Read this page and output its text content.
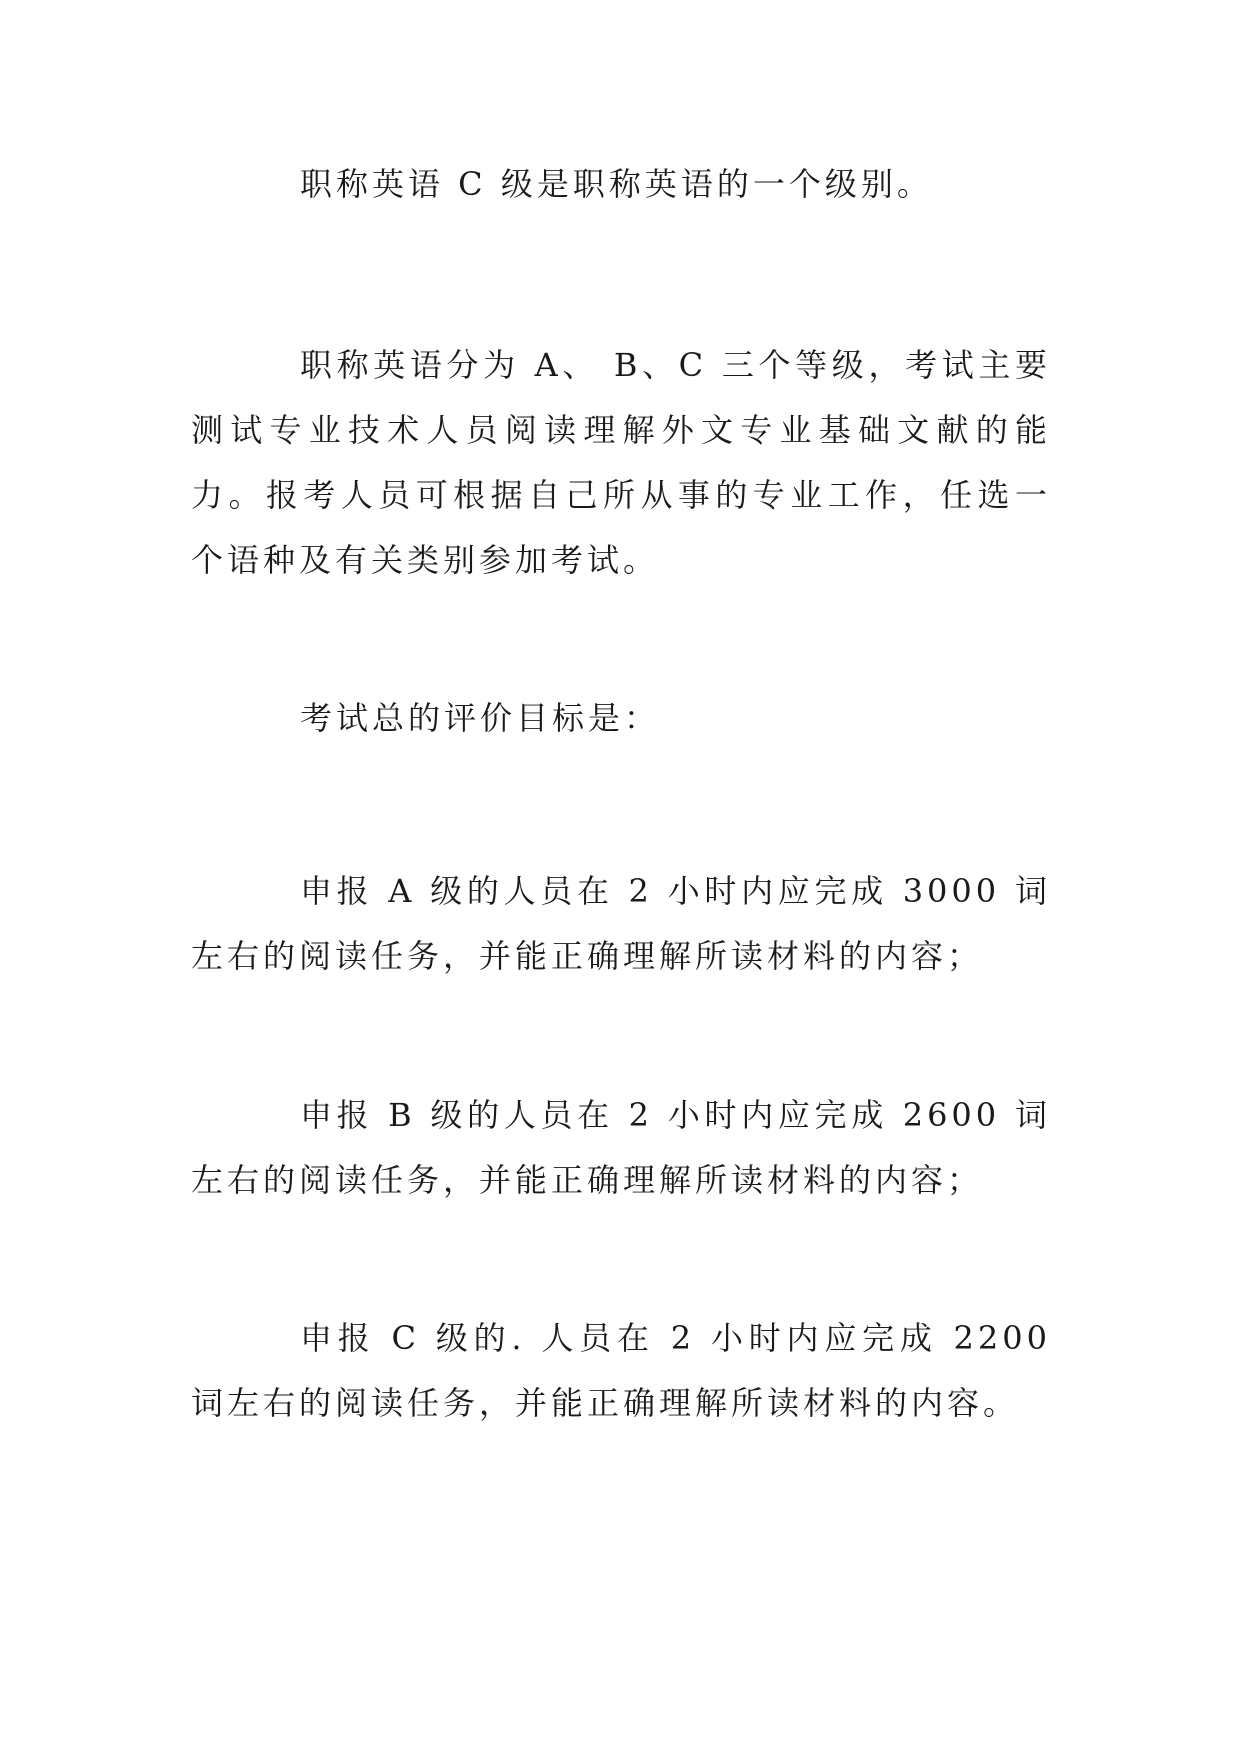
职称英语 C 级是职称英语的一个级别。

职称英语分为 A、 B、C 三个等级，考试主要测试专业技术人员阅读理解外文专业基础文献的能力。报考人员可根据自己所从事的专业工作，任选一个语种及有关类别参加考试。

考试总的评价目标是：

申报 A 级的人员在 2 小时内应完成 3000 词左右的阅读任务，并能正确理解所读材料的内容；

申报 B 级的人员在 2 小时内应完成 2600 词左右的阅读任务，并能正确理解所读材料的内容；

申报 C 级的. 人员在 2 小时内应完成 2200 词左右的阅读任务，并能正确理解所读材料的内容。
